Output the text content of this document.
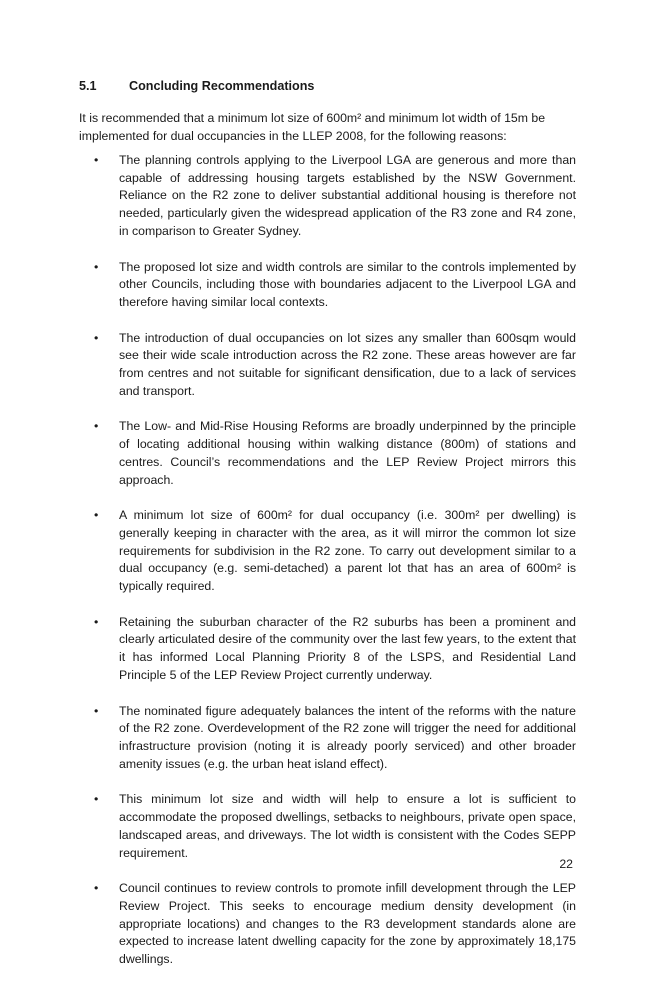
5.1	Concluding Recommendations

It is recommended that a minimum lot size of 600m² and minimum lot width of 15m be implemented for dual occupancies in the LLEP 2008, for the following reasons:

• The planning controls applying to the Liverpool LGA are generous and more than capable of addressing housing targets established by the NSW Government. Reliance on the R2 zone to deliver substantial additional housing is therefore not needed, particularly given the widespread application of the R3 zone and R4 zone, in comparison to Greater Sydney.
• The proposed lot size and width controls are similar to the controls implemented by other Councils, including those with boundaries adjacent to the Liverpool LGA and therefore having similar local contexts.
• The introduction of dual occupancies on lot sizes any smaller than 600sqm would see their wide scale introduction across the R2 zone. These areas however are far from centres and not suitable for significant densification, due to a lack of services and transport.
• The Low- and Mid-Rise Housing Reforms are broadly underpinned by the principle of locating additional housing within walking distance (800m) of stations and centres. Council’s recommendations and the LEP Review Project mirrors this approach.
• A minimum lot size of 600m² for dual occupancy (i.e. 300m² per dwelling) is generally keeping in character with the area, as it will mirror the common lot size requirements for subdivision in the R2 zone. To carry out development similar to a dual occupancy (e.g. semi-detached) a parent lot that has an area of 600m² is typically required.
• Retaining the suburban character of the R2 suburbs has been a prominent and clearly articulated desire of the community over the last few years, to the extent that it has informed Local Planning Priority 8 of the LSPS, and Residential Land Principle 5 of the LEP Review Project currently underway.
• The nominated figure adequately balances the intent of the reforms with the nature of the R2 zone. Overdevelopment of the R2 zone will trigger the need for additional infrastructure provision (noting it is already poorly serviced) and other broader amenity issues (e.g. the urban heat island effect).
• This minimum lot size and width will help to ensure a lot is sufficient to accommodate the proposed dwellings, setbacks to neighbours, private open space, landscaped areas, and driveways. The lot width is consistent with the Codes SEPP requirement.
• Council continues to review controls to promote infill development through the LEP Review Project. This seeks to encourage medium density development (in appropriate locations) and changes to the R3 development standards alone are expected to increase latent dwelling capacity for the zone by approximately 18,175 dwellings.
22
